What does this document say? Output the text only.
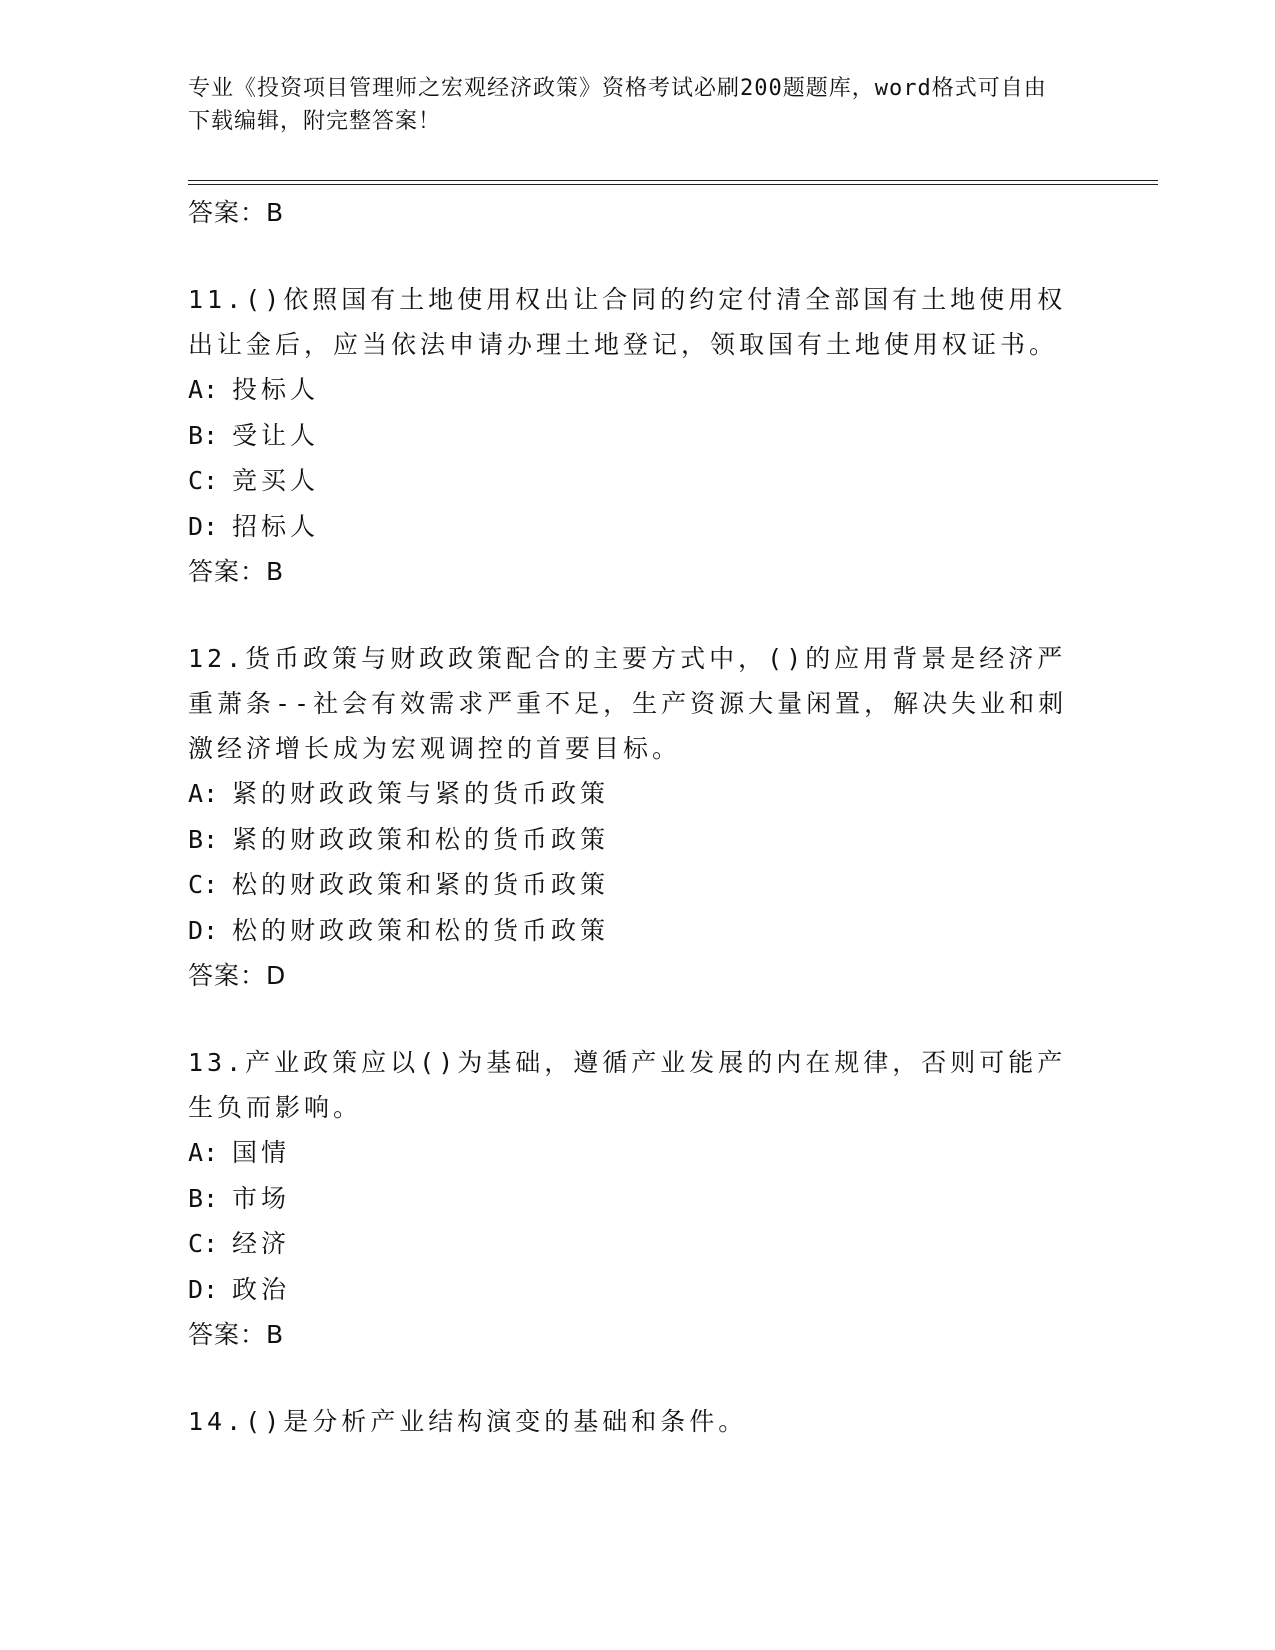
专业《投资项目管理师之宏观经济政策》资格考试必刷200题题库，word格式可自由下载编辑，附完整答案！

答案：B

11.()依照国有土地使用权出让合同的约定付清全部国有土地使用权出让金后，应当依法申请办理土地登记，领取国有土地使用权证书。

A: 投标人

B: 受让人

C: 竞买人

D: 招标人

答案：B

12.货币政策与财政政策配合的主要方式中，()的应用背景是经济严重萧条--社会有效需求严重不足，生产资源大量闲置，解决失业和刺激经济增长成为宏观调控的首要目标。

A: 紧的财政政策与紧的货币政策

B: 紧的财政政策和松的货币政策

C: 松的财政政策和紧的货币政策

D: 松的财政政策和松的货币政策

答案：D

13.产业政策应以()为基础，遵循产业发展的内在规律，否则可能产生负而影响。

A: 国情

B: 市场

C: 经济

D: 政治

答案：B

14.()是分析产业结构演变的基础和条件。
